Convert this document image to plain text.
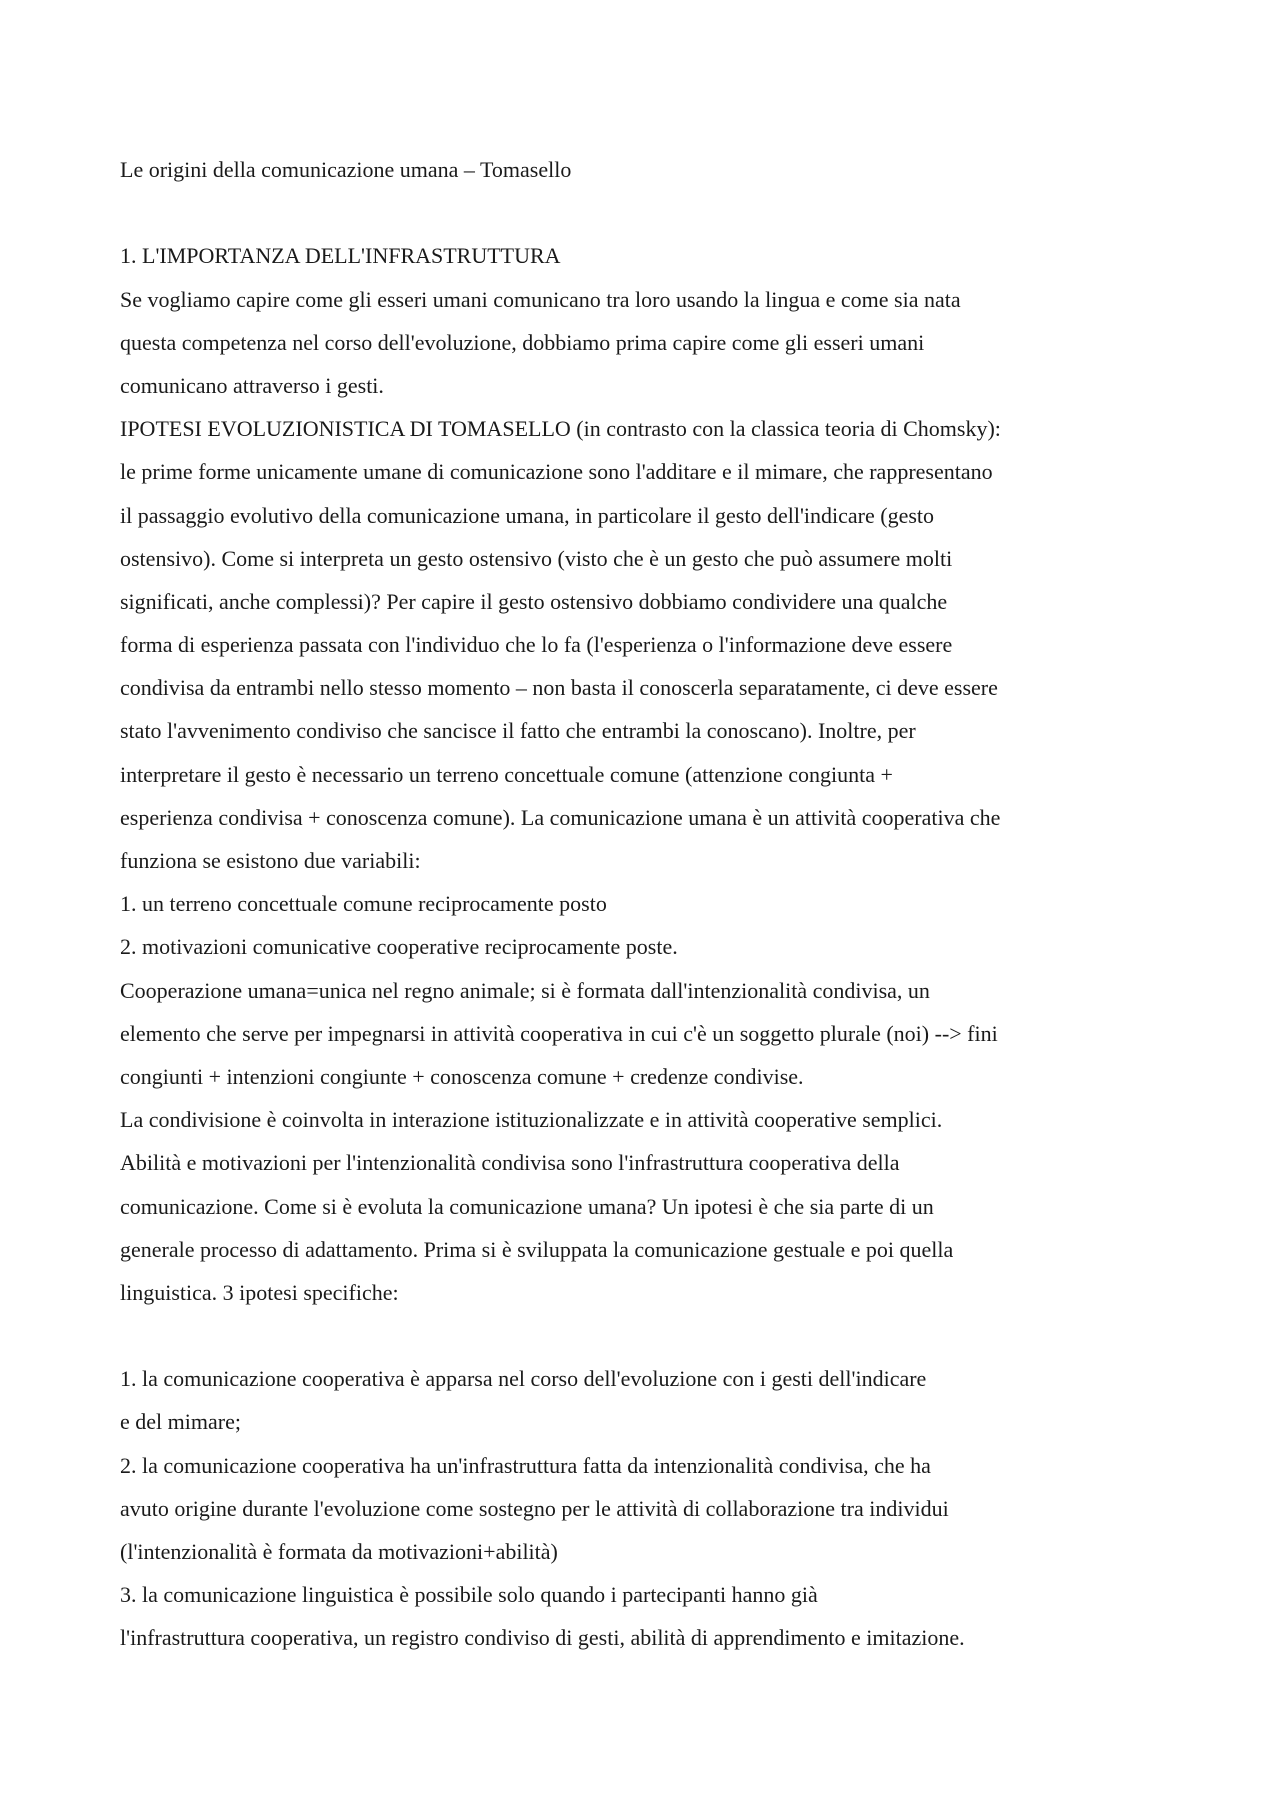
Le origini della comunicazione umana – Tomasello
1. L'IMPORTANZA DELL'INFRASTRUTTURA
Se vogliamo capire come gli esseri umani comunicano tra loro usando la lingua e come sia nata
questa competenza nel corso dell'evoluzione, dobbiamo prima capire come gli esseri umani
comunicano attraverso i gesti.
IPOTESI EVOLUZIONISTICA DI TOMASELLO (in contrasto con la classica teoria di Chomsky):
le prime forme unicamente umane di comunicazione sono l'additare e il mimare, che rappresentano
il passaggio evolutivo della comunicazione umana, in particolare il gesto dell'indicare (gesto
ostensivo). Come si interpreta un gesto ostensivo (visto che è un gesto che può assumere molti
significati, anche complessi)? Per capire il gesto ostensivo dobbiamo condividere una qualche
forma di esperienza passata con l'individuo che lo fa (l'esperienza o l'informazione deve essere
condivisa da entrambi nello stesso momento – non basta il conoscerla separatamente, ci deve essere
stato l'avvenimento condiviso che sancisce il fatto che entrambi la conoscano). Inoltre, per
interpretare il gesto è necessario un terreno concettuale comune (attenzione congiunta +
esperienza condivisa + conoscenza comune). La comunicazione umana è un attività cooperativa che
funziona se esistono due variabili:
1. un terreno concettuale comune reciprocamente posto
2. motivazioni comunicative cooperative reciprocamente poste.
Cooperazione umana=unica nel regno animale; si è formata dall'intenzionalità condivisa, un
elemento che serve per impegnarsi in attività cooperativa in cui c'è un soggetto plurale (noi) --> fini
congiunti + intenzioni congiunte + conoscenza comune + credenze condivise.
La condivisione è coinvolta in interazione istituzionalizzate e in attività cooperative semplici.
Abilità e motivazioni per l'intenzionalità condivisa sono l'infrastruttura cooperativa della
comunicazione. Come si è evoluta la comunicazione umana? Un ipotesi è che sia parte di un
generale processo di adattamento. Prima si è sviluppata la comunicazione gestuale e poi quella
linguistica. 3 ipotesi specifiche:
1. la comunicazione cooperativa è apparsa nel corso dell'evoluzione con i gesti dell'indicare
e del mimare;
2. la comunicazione cooperativa ha un'infrastruttura fatta da intenzionalità condivisa, che ha
avuto origine durante l'evoluzione come sostegno per le attività di collaborazione tra individui
(l'intenzionalità è formata da motivazioni+abilità)
3. la comunicazione linguistica è possibile solo quando i partecipanti hanno già
l'infrastruttura cooperativa, un registro condiviso di gesti, abilità di apprendimento e imitazione.
